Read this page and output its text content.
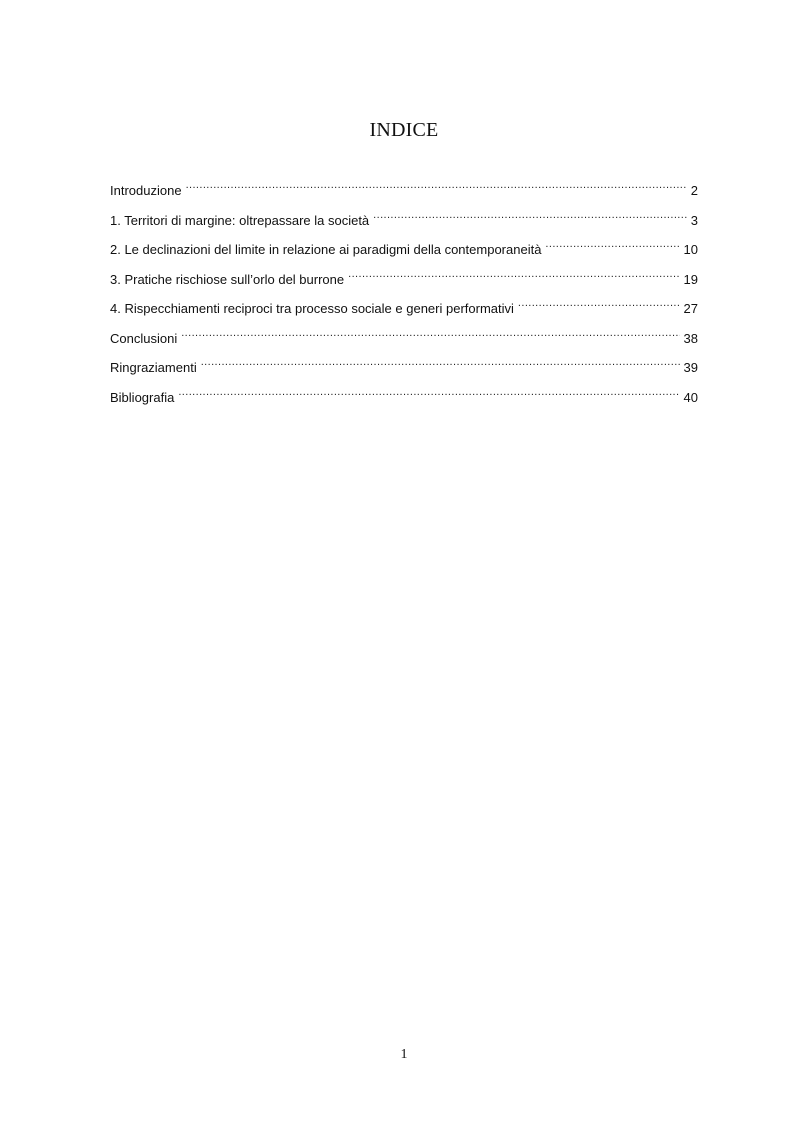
INDICE
Introduzione .....	2
1. Territori di margine: oltrepassare la società .....	3
2. Le declinazioni del limite in relazione ai paradigmi della contemporaneità .....	10
3. Pratiche rischiose sull’orlo del burrone .....	19
4. Rispecchiamenti reciproci tra processo sociale e generi performativi .....	27
Conclusioni .....	38
Ringraziamenti .....	39
Bibliografia .....	40
1
